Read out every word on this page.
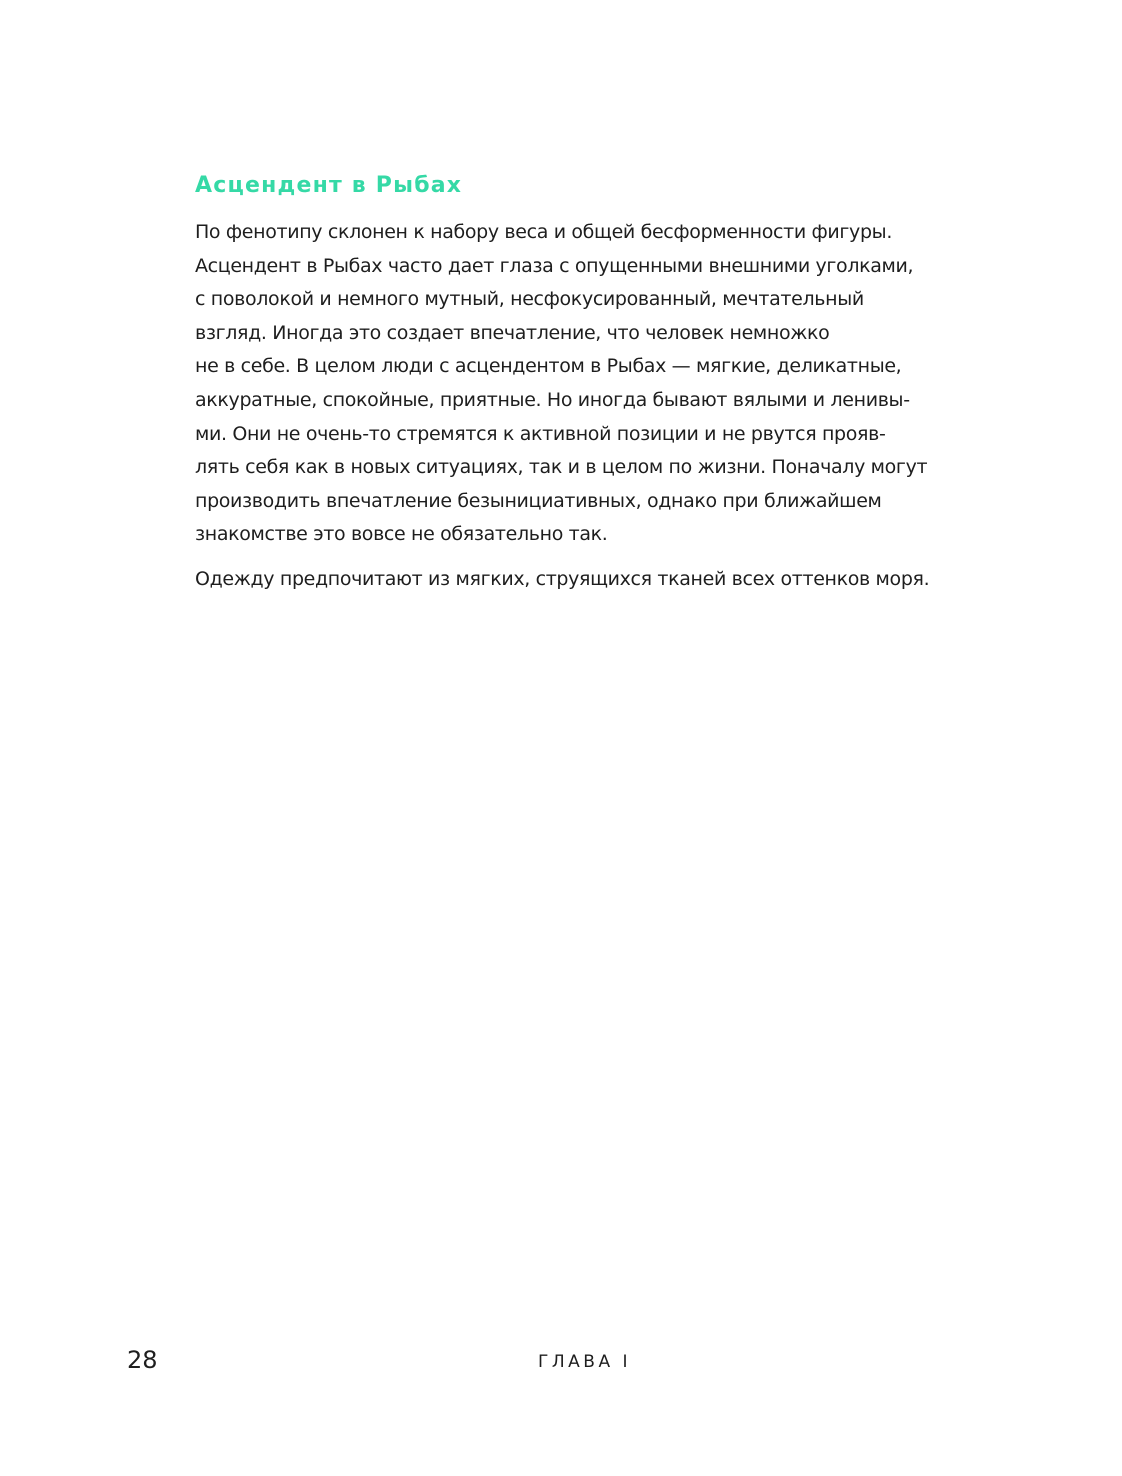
Асцендент в Рыбах
По фенотипу склонен к набору веса и общей бесформенности фигуры.
Асцендент в Рыбах часто дает глаза с опущенными внешними уголками,
с поволокой и немного мутный, несфокусированный, мечтательный
взгляд. Иногда это создает впечатление, что человек немножко
не в себе. В целом люди с асцендентом в Рыбах — мягкие, деликатные,
аккуратные, спокойные, приятные. Но иногда бывают вялыми и ленивы-
ми. Они не очень-то стремятся к активной позиции и не рвутся прояв-
лять себя как в новых ситуациях, так и в целом по жизни. Поначалу могут
производить впечатление безынициативных, однако при ближайшем
знакомстве это вовсе не обязательно так.
Одежду предпочитают из мягких, струящихся тканей всех оттенков моря.

28	ГЛАВА I
